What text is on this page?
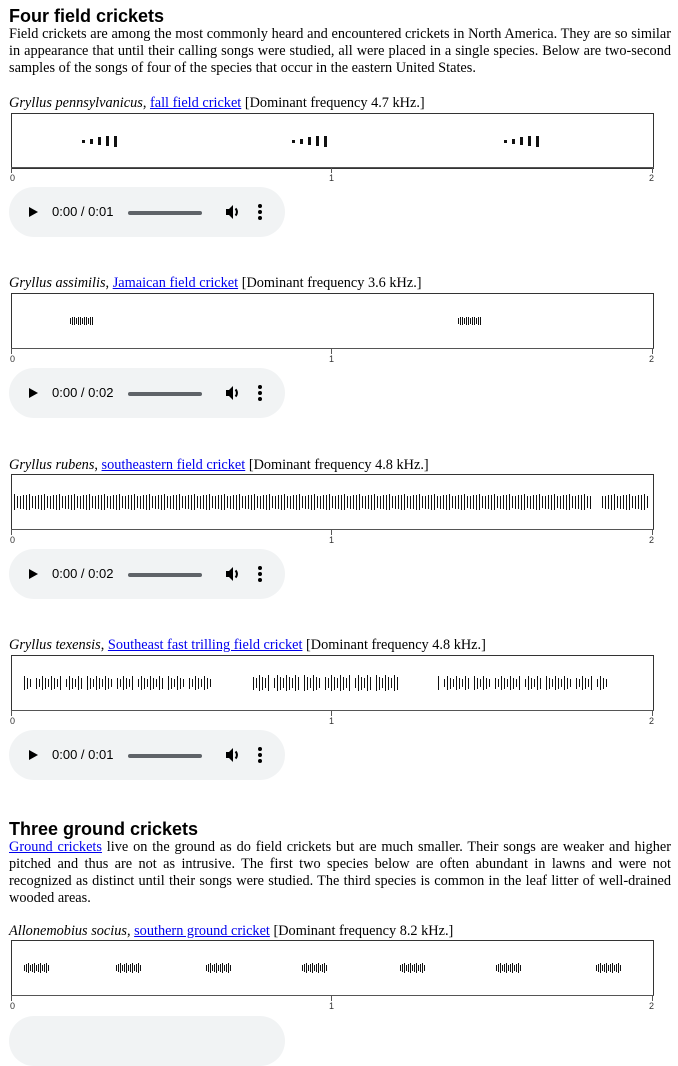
Four field crickets

Field crickets are among the most commonly heard and encountered crickets in North America. They are so similar in appearance that until their calling songs were studied, all were placed in a single species. Below are two-second samples of the songs of four of the species that occur in the eastern United States.

Gryllus pennsylvanicus, fall field cricket [Dominant frequency 4.7 kHz.]

0	1	2
0:00 / 0:01

Gryllus assimilis, Jamaican field cricket [Dominant frequency 3.6 kHz.]

0	1	2
0:00 / 0:02

Gryllus rubens, southeastern field cricket [Dominant frequency 4.8 kHz.]

0	1	2
0:00 / 0:02

Gryllus texensis, Southeast fast trilling field cricket [Dominant frequency 4.8 kHz.]

0	1	2
0:00 / 0:01
Three ground crickets

Ground crickets live on the ground as do field crickets but are much smaller. Their songs are weaker and higher pitched and thus are not as intrusive. The first two species below are often abundant in lawns and were not recognized as distinct until their songs were studied. The third species is common in the leaf litter of well-drained wooded areas.

Allonemobius socius, southern ground cricket [Dominant frequency 8.2 kHz.]

0	1	2
